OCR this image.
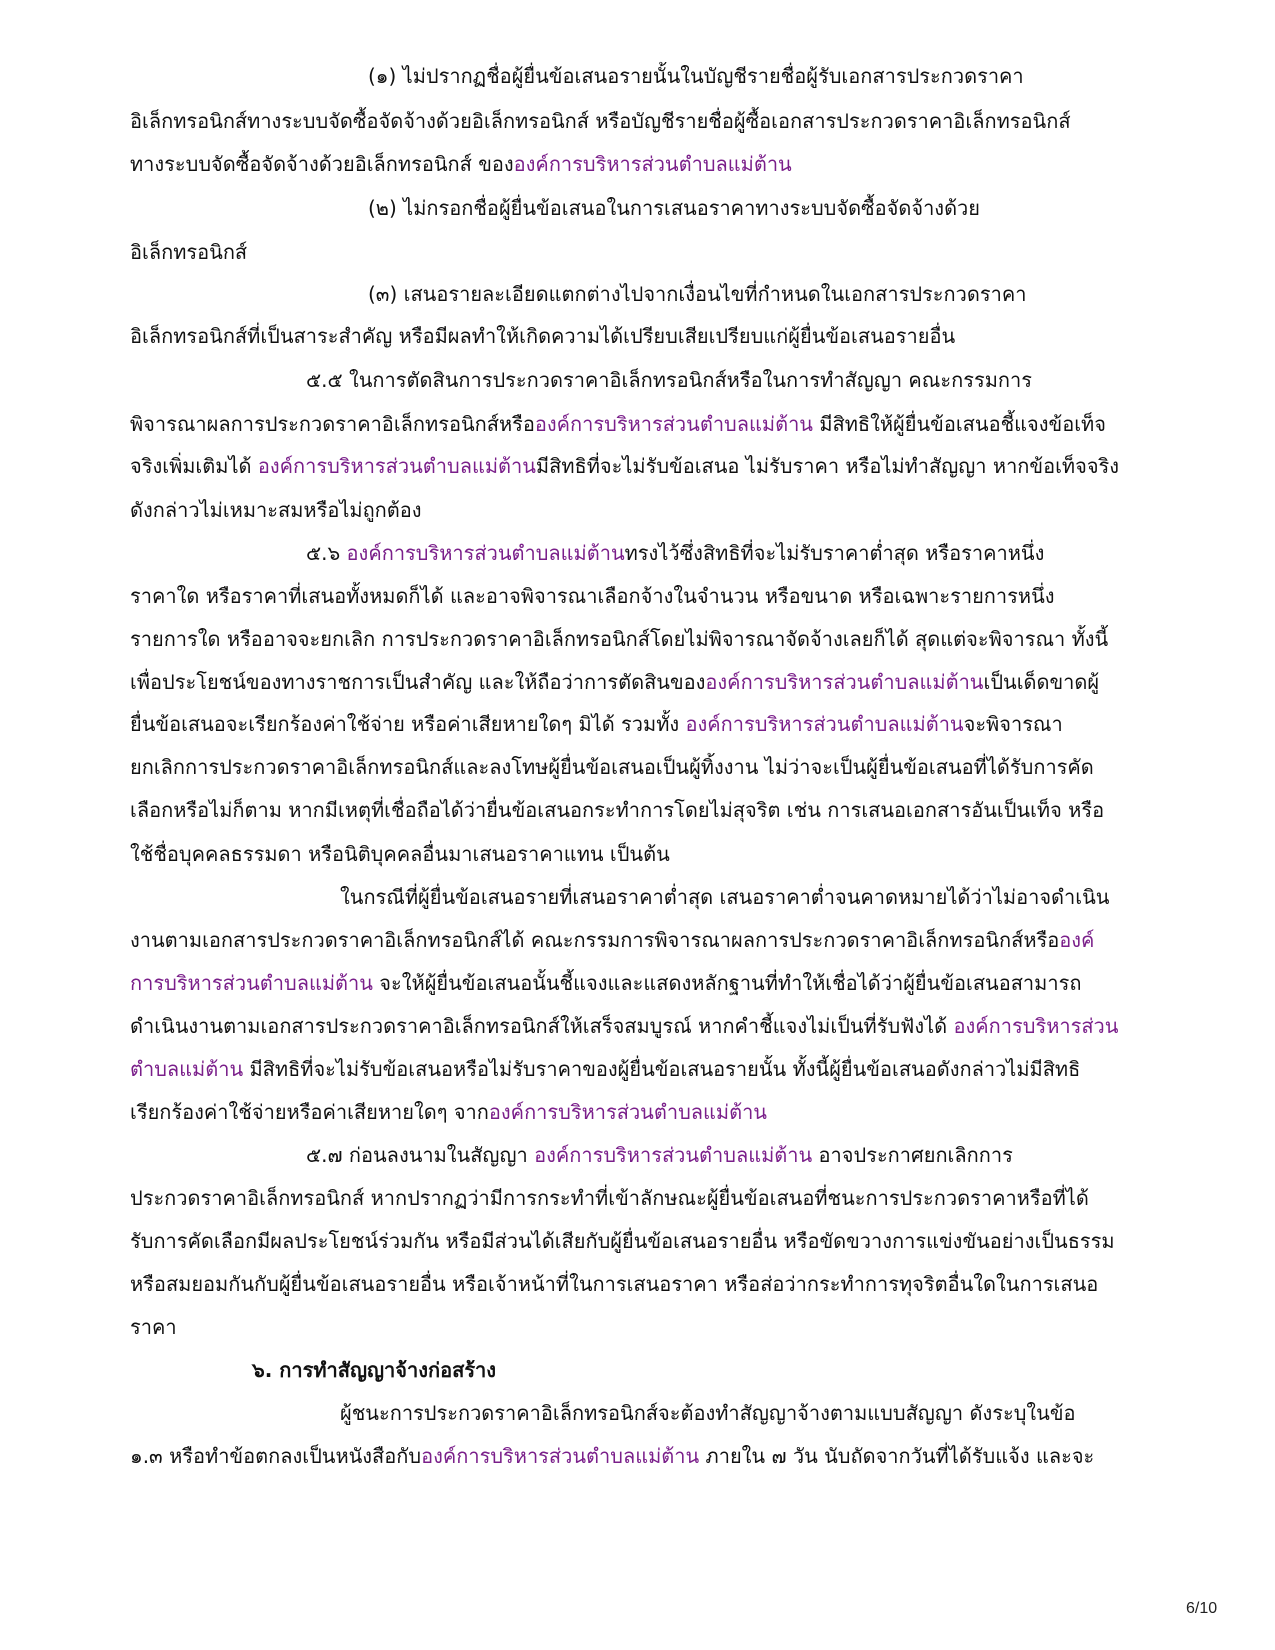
(๑) ไม่ปรากฏชื่อผู้ยื่นข้อเสนอรายนั้นในบัญชีรายชื่อผู้รับเอกสารประกวดราคา
อิเล็กทรอนิกส์ทางระบบจัดซื้อจัดจ้างด้วยอิเล็กทรอนิกส์ หรือบัญชีรายชื่อผู้ซื้อเอกสารประกวดราคาอิเล็กทรอนิกส์
ทางระบบจัดซื้อจัดจ้างด้วยอิเล็กทรอนิกส์ ขององค์การบริหารส่วนตำบลแม่ต้าน
(๒) ไม่กรอกชื่อผู้ยื่นข้อเสนอในการเสนอราคาทางระบบจัดซื้อจัดจ้างด้วย
อิเล็กทรอนิกส์
(๓) เสนอรายละเอียดแตกต่างไปจากเงื่อนไขที่กำหนดในเอกสารประกวดราคา
อิเล็กทรอนิกส์ที่เป็นสาระสำคัญ หรือมีผลทำให้เกิดความได้เปรียบเสียเปรียบแก่ผู้ยื่นข้อเสนอรายอื่น
๕.๕ ในการตัดสินการประกวดราคาอิเล็กทรอนิกส์หรือในการทำสัญญา คณะกรรมการ
พิจารณาผลการประกวดราคาอิเล็กทรอนิกส์หรือองค์การบริหารส่วนตำบลแม่ต้าน มีสิทธิให้ผู้ยื่นข้อเสนอชี้แจงข้อเท็จ
จริงเพิ่มเติมได้ องค์การบริหารส่วนตำบลแม่ต้านมีสิทธิที่จะไม่รับข้อเสนอ ไม่รับราคา หรือไม่ทำสัญญา หากข้อเท็จจริง
ดังกล่าวไม่เหมาะสมหรือไม่ถูกต้อง
๕.๖ องค์การบริหารส่วนตำบลแม่ต้านทรงไว้ซึ่งสิทธิที่จะไม่รับราคาต่ำสุด หรือราคาหนึ่ง
ราคาใด หรือราคาที่เสนอทั้งหมดก็ได้ และอาจพิจารณาเลือกจ้างในจำนวน หรือขนาด หรือเฉพาะรายการหนึ่ง
รายการใด หรืออาจจะยกเลิก การประกวดราคาอิเล็กทรอนิกส์โดยไม่พิจารณาจัดจ้างเลยก็ได้ สุดแต่จะพิจารณา ทั้งนี้
เพื่อประโยชน์ของทางราชการเป็นสำคัญ และให้ถือว่าการตัดสินขององค์การบริหารส่วนตำบลแม่ต้านเป็นเด็ดขาดผู้
ยื่นข้อเสนอจะเรียกร้องค่าใช้จ่าย หรือค่าเสียหายใดๆ มิได้ รวมทั้ง องค์การบริหารส่วนตำบลแม่ต้านจะพิจารณา
ยกเลิกการประกวดราคาอิเล็กทรอนิกส์และลงโทษผู้ยื่นข้อเสนอเป็นผู้ทิ้งงาน ไม่ว่าจะเป็นผู้ยื่นข้อเสนอที่ได้รับการคัด
เลือกหรือไม่ก็ตาม หากมีเหตุที่เชื่อถือได้ว่ายื่นข้อเสนอกระทำการโดยไม่สุจริต เช่น การเสนอเอกสารอันเป็นเท็จ หรือ
ใช้ชื่อบุคคลธรรมดา หรือนิติบุคคลอื่นมาเสนอราคาแทน เป็นต้น
ในกรณีที่ผู้ยื่นข้อเสนอรายที่เสนอราคาต่ำสุด เสนอราคาต่ำจนคาดหมายได้ว่าไม่อาจดำเนิน
งานตามเอกสารประกวดราคาอิเล็กทรอนิกส์ได้ คณะกรรมการพิจารณาผลการประกวดราคาอิเล็กทรอนิกส์หรือองค์
การบริหารส่วนตำบลแม่ต้าน จะให้ผู้ยื่นข้อเสนอนั้นชี้แจงและแสดงหลักฐานที่ทำให้เชื่อได้ว่าผู้ยื่นข้อเสนอสามารถ
ดำเนินงานตามเอกสารประกวดราคาอิเล็กทรอนิกส์ให้เสร็จสมบูรณ์ หากคำชี้แจงไม่เป็นที่รับฟังได้ องค์การบริหารส่วน
ตำบลแม่ต้าน มีสิทธิที่จะไม่รับข้อเสนอหรือไม่รับราคาของผู้ยื่นข้อเสนอรายนั้น ทั้งนี้ผู้ยื่นข้อเสนอดังกล่าวไม่มีสิทธิ
เรียกร้องค่าใช้จ่ายหรือค่าเสียหายใดๆ จากองค์การบริหารส่วนตำบลแม่ต้าน
๕.๗ ก่อนลงนามในสัญญา องค์การบริหารส่วนตำบลแม่ต้าน อาจประกาศยกเลิกการ
ประกวดราคาอิเล็กทรอนิกส์ หากปรากฏว่ามีการกระทำที่เข้าลักษณะผู้ยื่นข้อเสนอที่ชนะการประกวดราคาหรือที่ได้
รับการคัดเลือกมีผลประโยชน์ร่วมกัน หรือมีส่วนได้เสียกับผู้ยื่นข้อเสนอรายอื่น หรือขัดขวางการแข่งขันอย่างเป็นธรรม
หรือสมยอมกันกับผู้ยื่นข้อเสนอรายอื่น หรือเจ้าหน้าที่ในการเสนอราคา หรือส่อว่ากระทำการทุจริตอื่นใดในการเสนอ
ราคา
๖. การทำสัญญาจ้างก่อสร้าง
ผู้ชนะการประกวดราคาอิเล็กทรอนิกส์จะต้องทำสัญญาจ้างตามแบบสัญญา ดังระบุในข้อ
๑.๓ หรือทำข้อตกลงเป็นหนังสือกับองค์การบริหารส่วนตำบลแม่ต้าน ภายใน ๗ วัน นับถัดจากวันที่ได้รับแจ้ง และจะ
6/10
